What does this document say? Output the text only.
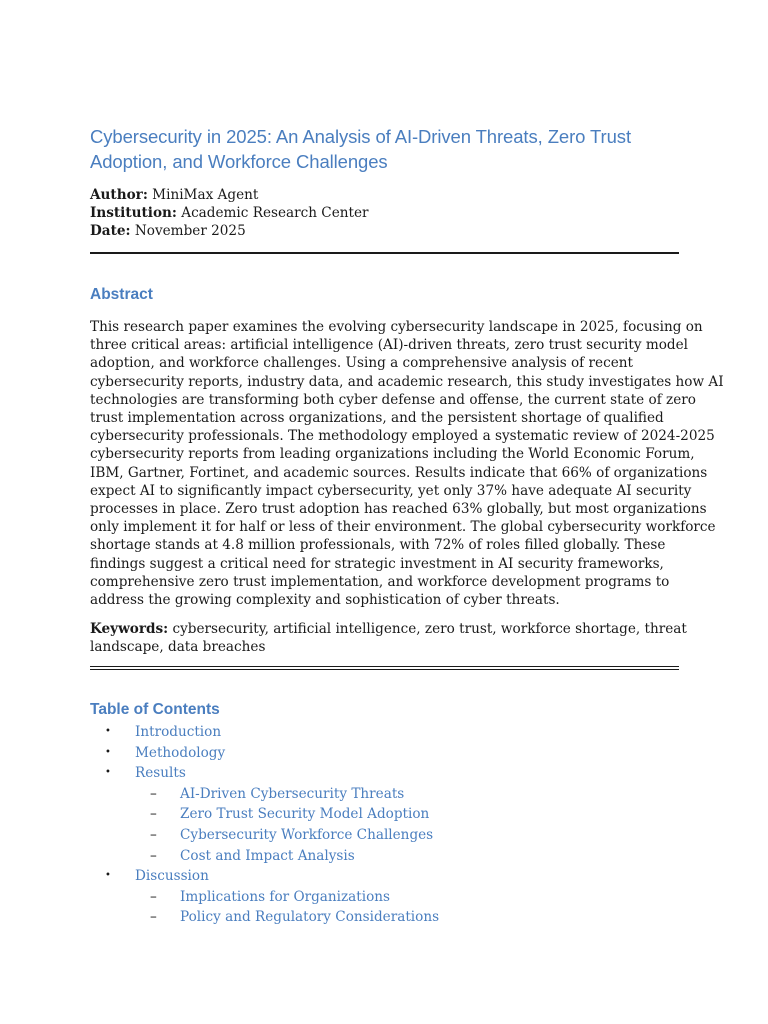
Cybersecurity in 2025: An Analysis of AI-Driven Threats, Zero Trust Adoption, and Workforce Challenges
Author: MiniMax Agent
Institution: Academic Research Center
Date: November 2025
Abstract
This research paper examines the evolving cybersecurity landscape in 2025, focusing on
three critical areas: artificial intelligence (AI)-driven threats, zero trust security model
adoption, and workforce challenges. Using a comprehensive analysis of recent
cybersecurity reports, industry data, and academic research, this study investigates how AI
technologies are transforming both cyber defense and offense, the current state of zero
trust implementation across organizations, and the persistent shortage of qualified
cybersecurity professionals. The methodology employed a systematic review of 2024-2025
cybersecurity reports from leading organizations including the World Economic Forum,
IBM, Gartner, Fortinet, and academic sources. Results indicate that 66% of organizations
expect AI to significantly impact cybersecurity, yet only 37% have adequate AI security
processes in place. Zero trust adoption has reached 63% globally, but most organizations
only implement it for half or less of their environment. The global cybersecurity workforce
shortage stands at 4.8 million professionals, with 72% of roles filled globally. These
findings suggest a critical need for strategic investment in AI security frameworks,
comprehensive zero trust implementation, and workforce development programs to
address the growing complexity and sophistication of cyber threats.
Keywords: cybersecurity, artificial intelligence, zero trust, workforce shortage, threat
landscape, data breaches
Table of Contents
• Introduction
• Methodology
• Results
– AI-Driven Cybersecurity Threats
– Zero Trust Security Model Adoption
– Cybersecurity Workforce Challenges
– Cost and Impact Analysis
• Discussion
– Implications for Organizations
– Policy and Regulatory Considerations
